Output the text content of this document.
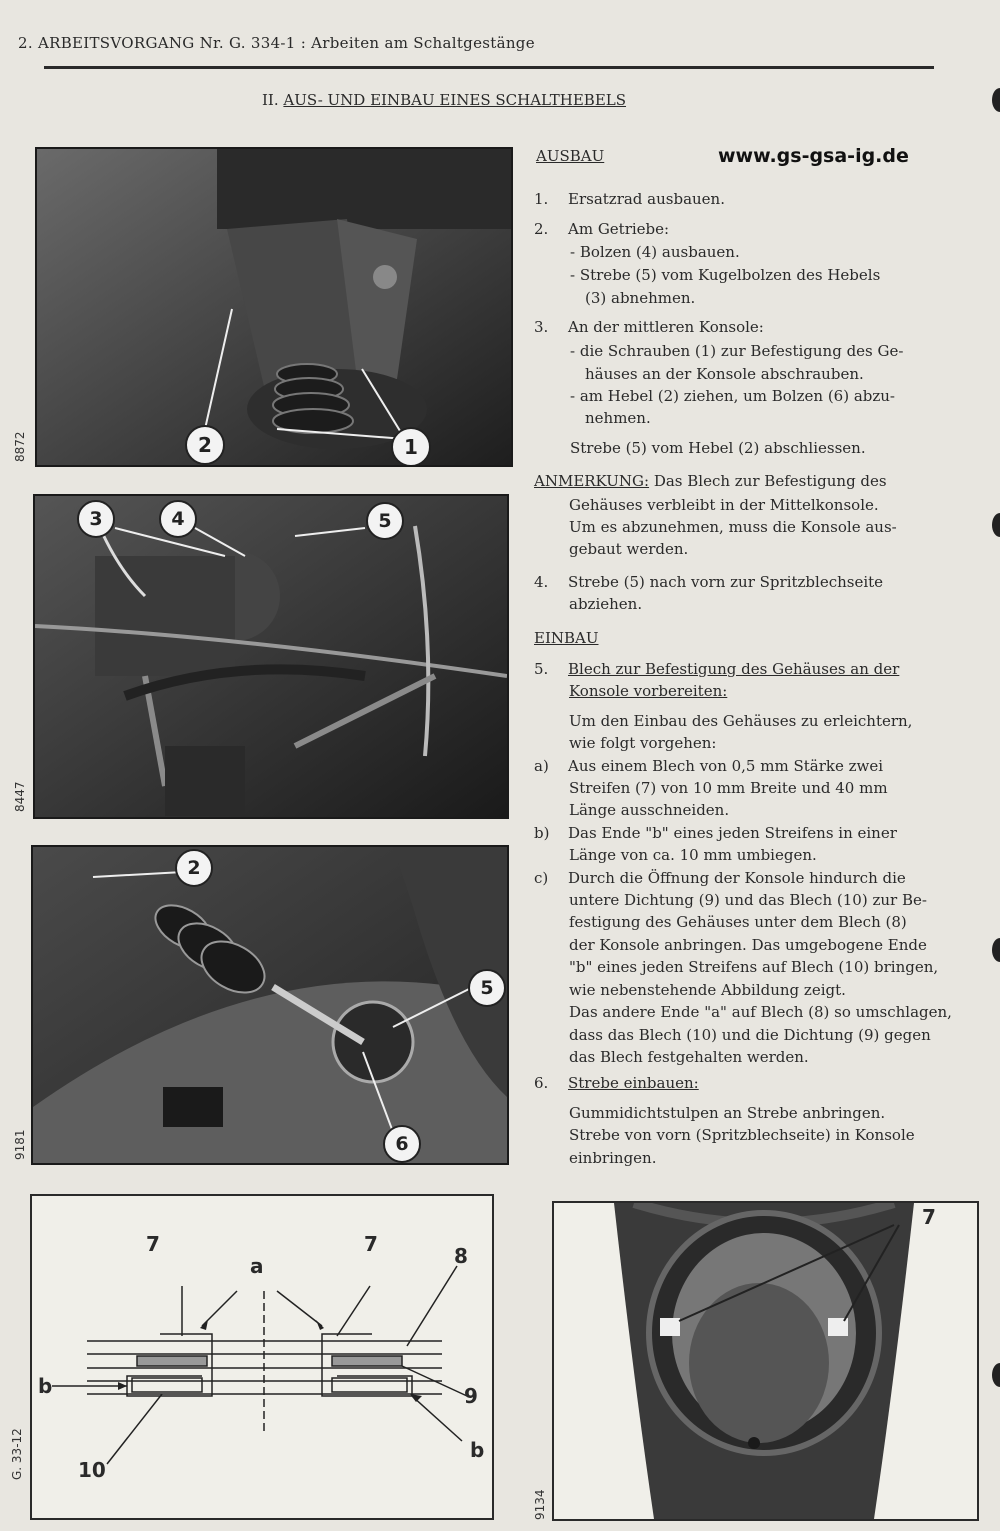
2. ARBEITSVORGANG Nr. G. 334-1 : Arbeiten am Schaltgestänge
II. AUS- UND EINBAU EINES SCHALTHEBELS
www.gs-gsa-ig.de
2	1
8872
3	4	5
8447
2
5
6
9181
7	7
a	8
b	9
10
b
G. 33-12
7
9134
AUSBAU
1. Ersatzrad ausbauen.
2. Am Getriebe:
- Bolzen (4) ausbauen.
- Strebe (5) vom Kugelbolzen des Hebels
(3) abnehmen.
3. An der mittleren Konsole:
- die Schrauben (1) zur Befestigung des Ge-
häuses an der Konsole abschrauben.
- am Hebel (2) ziehen, um Bolzen (6) abzu-
nehmen.
Strebe (5) vom Hebel (2) abschliessen.
ANMERKUNG: Das Blech zur Befestigung des
Gehäuses verbleibt in der Mittelkonsole.
Um es abzunehmen, muss die Konsole aus-
gebaut werden.
4. Strebe (5) nach vorn zur Spritzblechseite
abziehen.
EINBAU
5. Blech zur Befestigung des Gehäuses an der
Konsole vorbereiten:
Um den Einbau des Gehäuses zu erleichtern,
wie folgt vorgehen:
a) Aus einem Blech von 0,5 mm Stärke zwei
Streifen (7) von 10 mm Breite und 40 mm
Länge ausschneiden.
b) Das Ende "b" eines jeden Streifens in einer
Länge von ca. 10 mm umbiegen.
c) Durch die Öffnung der Konsole hindurch die
untere Dichtung (9) und das Blech (10) zur Be-
festigung des Gehäuses unter dem Blech (8)
der Konsole anbringen. Das umgebogene Ende
"b" eines jeden Streifens auf Blech (10) bringen,
wie nebenstehende Abbildung zeigt.
Das andere Ende "a" auf Blech (8) so umschlagen,
dass das Blech (10) und die Dichtung (9) gegen
das Blech festgehalten werden.
6. Strebe einbauen:
Gummidichtstulpen an Strebe anbringen.
Strebe von vorn (Spritzblechseite) in Konsole
einbringen.
